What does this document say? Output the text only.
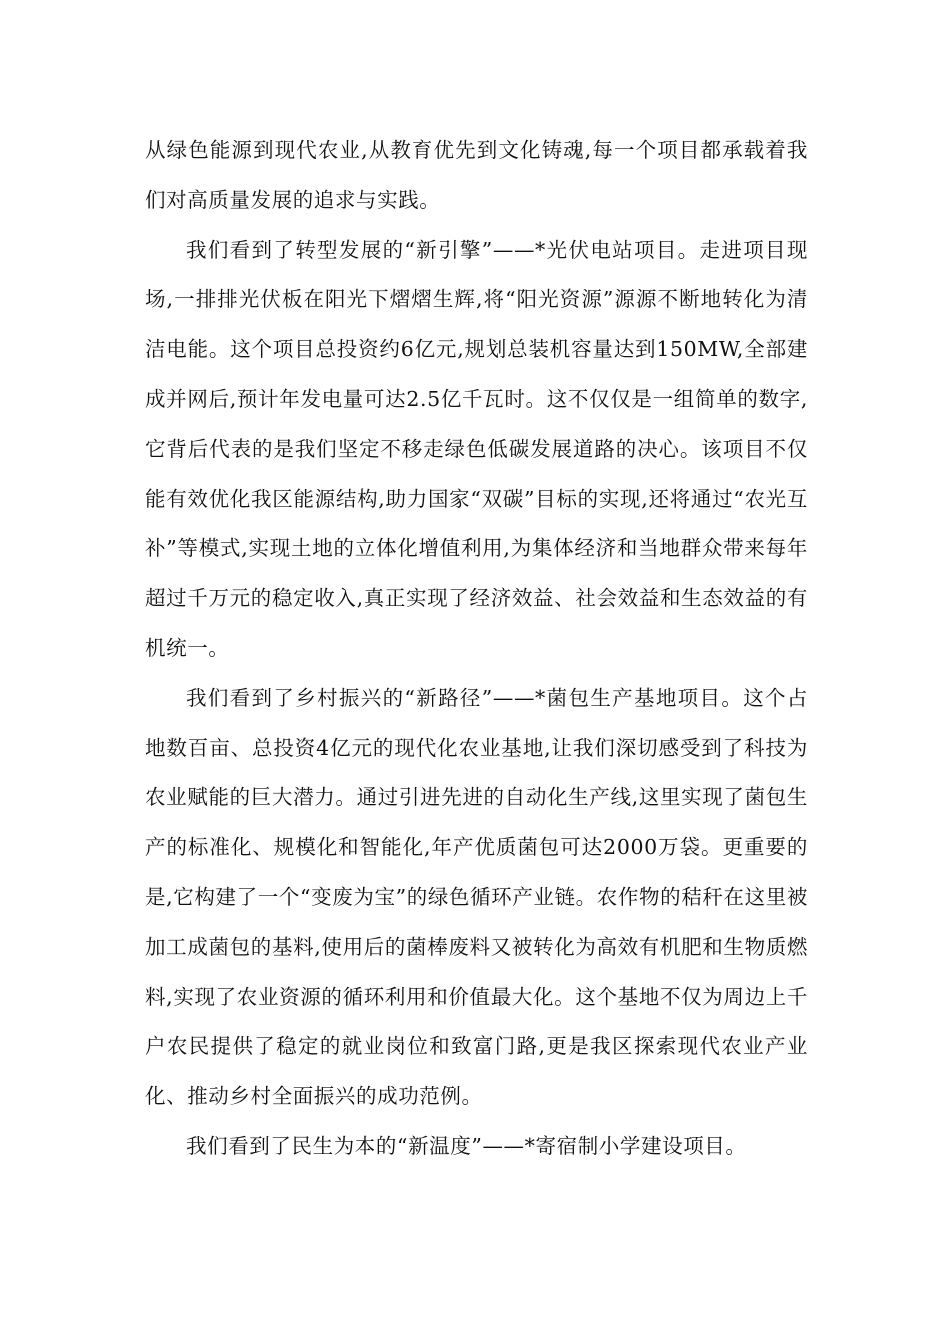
从绿色能源到现代农业,从教育优先到文化铸魂,每一个项目都承载着我们对高质量发展的追求与实践。

我们看到了转型发展的“新引擎”——*光伏电站项目。走进项目现场,一排排光伏板在阳光下熠熠生辉,将“阳光资源”源源不断地转化为清洁电能。这个项目总投资约6亿元,规划总装机容量达到150MW,全部建成并网后,预计年发电量可达2.5亿千瓦时。这不仅仅是一组简单的数字,它背后代表的是我们坚定不移走绿色低碳发展道路的决心。该项目不仅能有效优化我区能源结构,助力国家“双碳”目标的实现,还将通过“农光互补”等模式,实现土地的立体化增值利用,为集体经济和当地群众带来每年超过千万元的稳定收入,真正实现了经济效益、社会效益和生态效益的有机统一。

我们看到了乡村振兴的“新路径”——*菌包生产基地项目。这个占地数百亩、总投资4亿元的现代化农业基地,让我们深切感受到了科技为农业赋能的巨大潜力。通过引进先进的自动化生产线,这里实现了菌包生产的标准化、规模化和智能化,年产优质菌包可达2000万袋。更重要的是,它构建了一个“变废为宝”的绿色循环产业链。农作物的秸秆在这里被加工成菌包的基料,使用后的菌棒废料又被转化为高效有机肥和生物质燃料,实现了农业资源的循环利用和价值最大化。这个基地不仅为周边上千户农民提供了稳定的就业岗位和致富门路,更是我区探索现代农业产业化、推动乡村全面振兴的成功范例。

我们看到了民生为本的“新温度”——*寄宿制小学建设项目。
